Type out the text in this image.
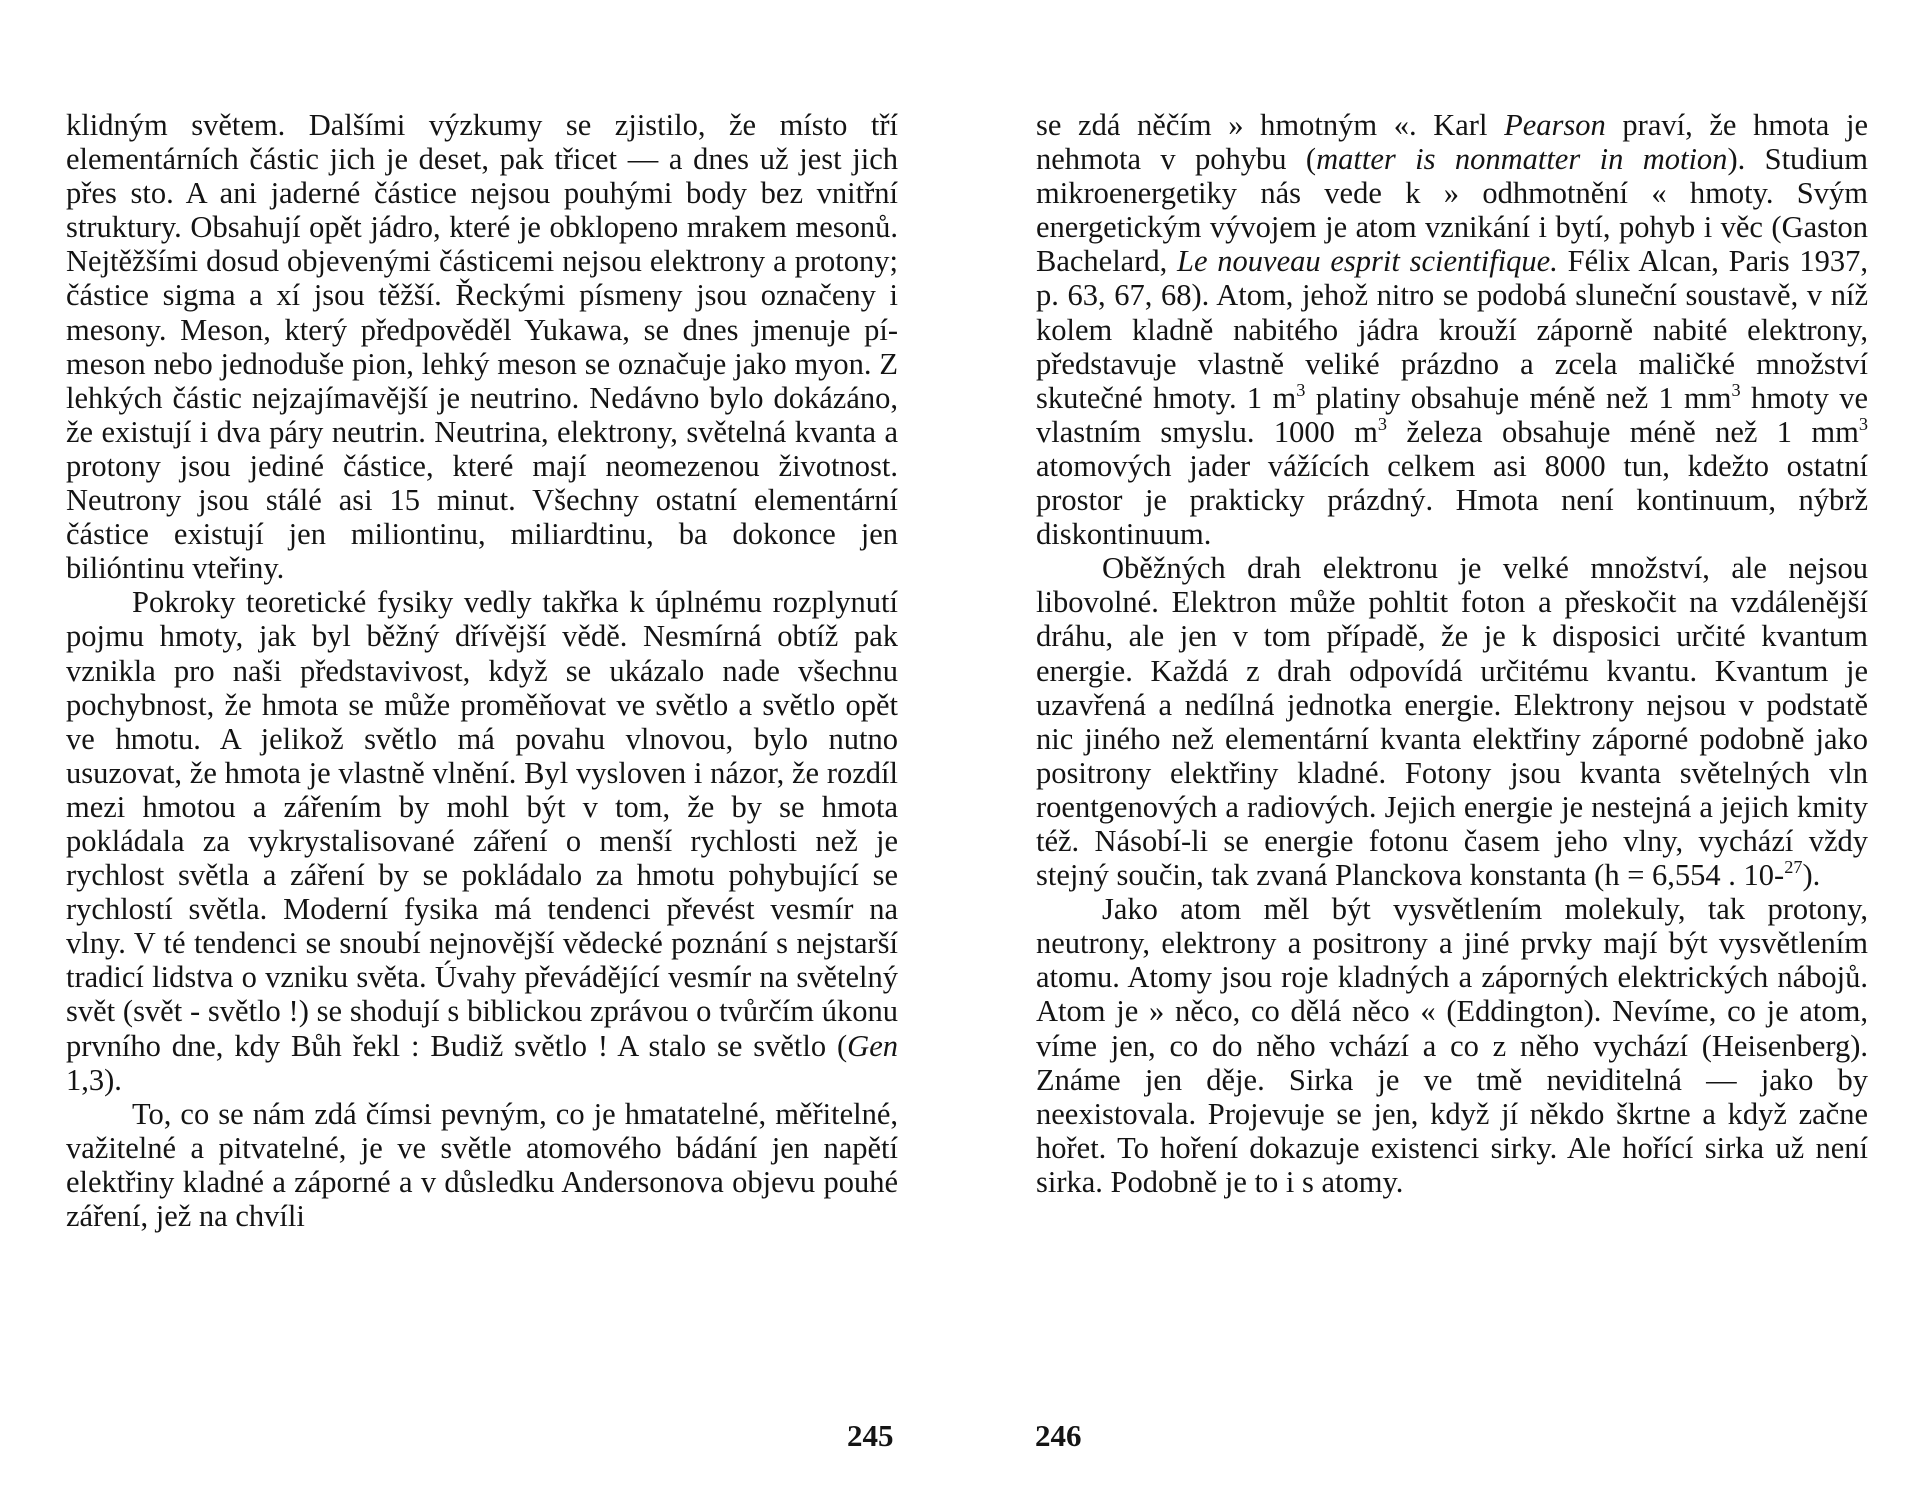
klidným světem. Dalšími výzkumy se zjistilo, že místo tří elementárních částic jich je deset, pak třicet — a dnes už jest jich přes sto. A ani jaderné částice nejsou pouhými body bez vnitřní struktury. Obsahují opět jádro, které je obklopeno mrakem mesonů. Nejtěžšími dosud objevenými částicemi nejsou elektrony a protony; částice sigma a xí jsou těžší. Řeckými písmeny jsou označeny i mesony. Meson, který předpověděl Yukawa, se dnes jmenuje pí-meson nebo jednoduše pion, lehký meson se označuje jako myon. Z lehkých částic nejzajímavější je neutrino. Nedávno bylo dokázáno, že existují i dva páry neutrin. Neutrina, elektrony, světelná kvanta a protony jsou jediné částice, které mají neomezenou životnost. Neutrony jsou stálé asi 15 minut. Všechny ostatní elementární částice existují jen miliontinu, miliardtinu, ba dokonce jen bilióntinu vteřiny.

Pokroky teoretické fysiky vedly takřka k úplnému rozplynutí pojmu hmoty, jak byl běžný dřívější vědě. Nesmírná obtíž pak vznikla pro naši představivost, když se ukázalo nade všechnu pochybnost, že hmota se může proměňovat ve světlo a světlo opět ve hmotu. A jelikož světlo má povahu vlnovou, bylo nutno usuzovat, že hmota je vlastně vlnění. Byl vysloven i názor, že rozdíl mezi hmotou a zářením by mohl být v tom, že by se hmota pokládala za vykrystalisované záření o menší rychlosti než je rychlost světla a záření by se pokládalo za hmotu pohybující se rychlostí světla. Moderní fysika má tendenci převést vesmír na vlny. V té tendenci se snoubí nejnovější vědecké poznání s nejstarší tradicí lidstva o vzniku světa. Úvahy převádějící vesmír na světelný svět (svět - světlo !) se shodují s biblickou zprávou o tvůrčím úkonu prvního dne, kdy Bůh řekl : Budiž světlo ! A stalo se světlo (Gen 1,3).

To, co se nám zdá čímsi pevným, co je hmatatelné, měřitelné, važitelné a pitvatelné, je ve světle atomového bádání jen napětí elektřiny kladné a záporné a v důsledku Andersonova objevu pouhé záření, jež na chvíli

245

se zdá něčím » hmotným «. Karl Pearson praví, že hmota je nehmota v pohybu (matter is nonmatter in motion). Studium mikroenergetiky nás vede k » odhmotnění « hmoty. Svým energetickým vývojem je atom vznikání i bytí, pohyb i věc (Gaston Bachelard, Le nouveau esprit scientifique. Félix Alcan, Paris 1937, p. 63, 67, 68). Atom, jehož nitro se podobá sluneční soustavě, v níž kolem kladně nabitého jádra krouží záporně nabité elektrony, představuje vlastně veliké prázdno a zcela maličké množství skutečné hmoty. 1 $m^3$ platiny obsahuje méně než 1 $mm^3$ hmoty ve vlastním smyslu. 1000 $m^3$ železa obsahuje méně než 1 $mm^3$ atomových jader vážících celkem asi 8000 tun, kdežto ostatní prostor je prakticky prázdný. Hmota není kontinuum, nýbrž diskontinuum.

Oběžných drah elektronu je velké množství, ale nejsou libovolné. Elektron může pohltit foton a přeskočit na vzdálenější dráhu, ale jen v tom případě, že je k disposici určité kvantum energie. Každá z drah odpovídá určitému kvantu. Kvantum je uzavřená a nedílná jednotka energie. Elektrony nejsou v podstatě nic jiného než elementární kvanta elektřiny záporné podobně jako positrony elektřiny kladné. Fotony jsou kvanta světelných vln roentgenových a radiových. Jejich energie je nestejná a jejich kmity též. Násobí-li se energie fotonu časem jeho vlny, vychází vždy stejný součin, tak zvaná Planckova konstanta (h = 6,554 . 10-$^{27}$).

Jako atom měl být vysvětlením molekuly, tak protony, neutrony, elektrony a positrony a jiné prvky mají být vysvětlením atomu. Atomy jsou roje kladných a záporných elektrických nábojů. Atom je » něco, co dělá něco « (Eddington). Nevíme, co je atom, víme jen, co do něho vchází a co z něho vychází (Heisenberg). Známe jen děje. Sirka je ve tmě neviditelná — jako by neexistovala. Projevuje se jen, když jí někdo škrtne a když začne hořet. To hoření dokazuje existenci sirky. Ale hořící sirka už není sirka. Podobně je to i s atomy.

246
